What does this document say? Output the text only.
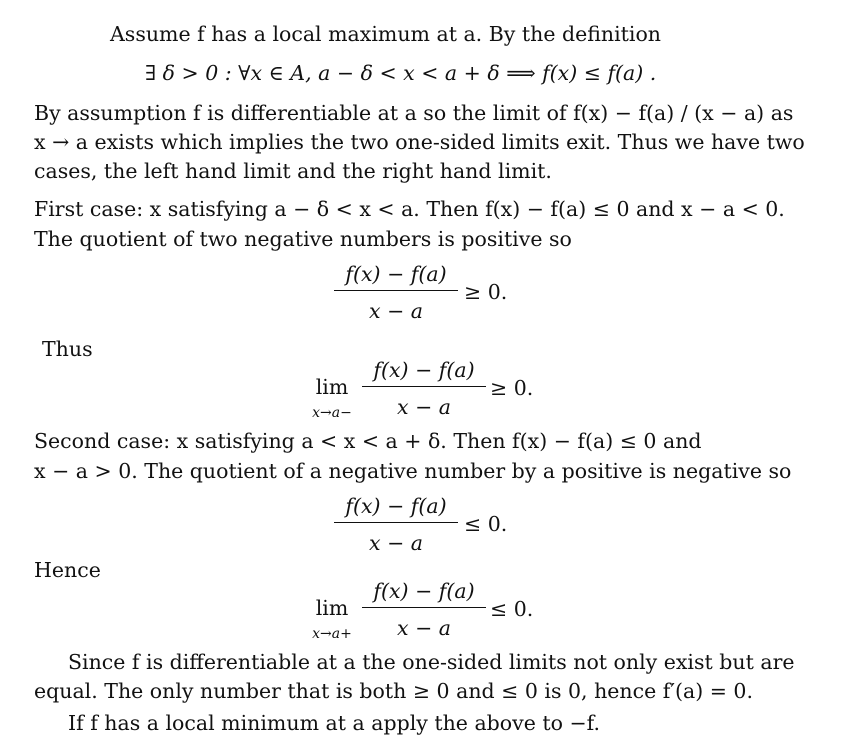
Assume f has a local maximum at a. By the definition
∃ δ > 0 : ∀x ∈ A, a − δ < x < a + δ ⟹ f(x) ≤ f(a) .
By assumption f is differentiable at a so the limit of f(x) − f(a) / (x − a) as
x → a exists which implies the two one-sided limits exit. Thus we have two
cases, the left hand limit and the right hand limit.
First case: x satisfying a − δ < x < a. Then f(x) − f(a) ≤ 0 and x − a < 0.
The quotient of two negative numbers is positive so
f(x) − f(a)
x − a
≥ 0.
Thus
lim
x→a−
f(x) − f(a)
x − a
≥ 0.
Second case: x satisfying a < x < a + δ. Then f(x) − f(a) ≤ 0 and
x − a > 0. The quotient of a negative number by a positive is negative so
f(x) − f(a)
x − a
≤ 0.
Hence
lim
x→a+
f(x) − f(a)
x − a
≤ 0.
Since f is differentiable at a the one-sided limits not only exist but are
equal. The only number that is both ≥ 0 and ≤ 0 is 0, hence f′(a) = 0.
If f has a local minimum at a apply the above to −f.
